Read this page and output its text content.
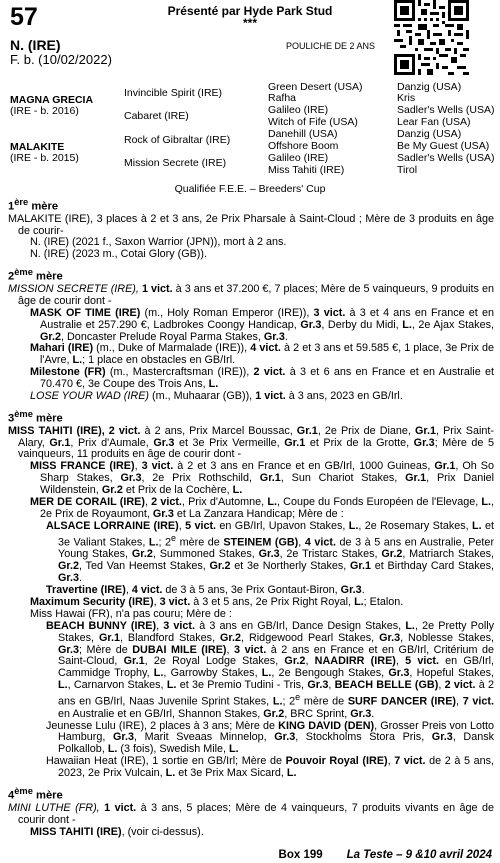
57	Présenté par Hyde Park Stud
***
N. (IRE)
F. b. (10/02/2022)
POULICHE DE 2 ANS
MAGNA GRECIA
(IRE - b. 2016)
MALAKITE
(IRE - b. 2015)
Invincible Spirit (IRE)
Cabaret (IRE)
Rock of Gibraltar (IRE)
Mission Secrete (IRE)
Green Desert (USA)
Rafha
Galileo (IRE)
Witch of Fife (USA)
Danehill (USA)
Offshore Boom
Galileo (IRE)
Miss Tahiti (IRE)
Danzig (USA)
Kris
Sadler's Wells (USA)
Lear Fan (USA)
Danzig (USA)
Be My Guest (USA)
Sadler's Wells (USA)
Tirol
Qualifiée F.E.E. – Breeders' Cup

1ère mère

MALAKITE (IRE), 3 places à 2 et 3 ans, 2e Prix Pharsale à Saint-Cloud ; Mère de 3 produits en âge de courir-

N. (IRE) (2021 f., Saxon Warrior (JPN)), mort à 2 ans.

N. (IRE) (2023 m., Cotai Glory (GB)).

2ème mère

MISSION SECRETE (IRE), 1 vict. à 3 ans et 37.200 €, 7 places; Mère de 5 vainqueurs, 9 produits en âge de courir dont -

MASK OF TIME (IRE) (m., Holy Roman Emperor (IRE)), 3 vict. à 3 et 4 ans en France et en Australie et 257.290 €, Ladbrokes Coongy Handicap, Gr.3, Derby du Midi, L., 2e Ajax Stakes, Gr.2, Doncaster Prelude Royal Parma Stakes, Gr.3.

Mahari (IRE) (m., Duke of Marmalade (IRE)), 4 vict. à 2 et 3 ans et 59.585 €, 1 place, 3e Prix de l'Avre, L.; 1 place en obstacles en GB/Irl.

Milestone (FR) (m., Mastercraftsman (IRE)), 2 vict. à 3 et 6 ans en France et en Australie et 70.470 €, 3e Coupe des Trois Ans, L.

LOSE YOUR WAD (IRE) (m., Muhaarar (GB)), 1 vict. à 3 ans, 2023 en GB/Irl.

3ème mère

MISS TAHITI (IRE), 2 vict. à 2 ans, Prix Marcel Boussac, Gr.1, 2e Prix de Diane, Gr.1, Prix Saint-Alary, Gr.1, Prix d'Aumale, Gr.3 et 3e Prix Vermeille, Gr.1 et Prix de la Grotte, Gr.3; Mère de 5 vainqueurs, 11 produits en âge de courir dont -

MISS FRANCE (IRE), 3 vict. à 2 et 3 ans en France et en GB/Irl, 1000 Guineas, Gr.1, Oh So Sharp Stakes, Gr.3, 2e Prix Rothschild, Gr.1, Sun Chariot Stakes, Gr.1, Prix Daniel Wildenstein, Gr.2 et Prix de la Cochère, L.

MER DE CORAIL (IRE), 2 vict., Prix d'Automne, L., Coupe du Fonds Européen de l'Elevage, L., 2e Prix de Royaumont, Gr.3 et La Zanzara Handicap; Mère de :

ALSACE LORRAINE (IRE), 5 vict. en GB/Irl, Upavon Stakes, L., 2e Rosemary Stakes, L. et 3e Valiant Stakes, L.; 2e mère de STEINEM (GB), 4 vict. de 3 à 5 ans en Australie, Peter Young Stakes, Gr.2, Summoned Stakes, Gr.3, 2e Tristarc Stakes, Gr.2, Matriarch Stakes, Gr.2, Ted Van Heemst Stakes, Gr.2 et 3e Northerly Stakes, Gr.1 et Birthday Card Stakes, Gr.3.

Travertine (IRE), 4 vict. de 3 à 5 ans, 3e Prix Gontaut-Biron, Gr.3.

Maximum Security (IRE), 3 vict. à 3 et 5 ans, 2e Prix Right Royal, L.; Etalon.

Miss Hawai (FR), n'a pas couru; Mère de :

BEACH BUNNY (IRE), 3 vict. à 3 ans en GB/Irl, Dance Design Stakes, L., 2e Pretty Polly Stakes, Gr.1, Blandford Stakes, Gr.2, Ridgewood Pearl Stakes, Gr.3, Noblesse Stakes, Gr.3; Mère de DUBAI MILE (IRE), 3 vict. à 2 ans en France et en GB/Irl, Critérium de Saint-Cloud, Gr.1, 2e Royal Lodge Stakes, Gr.2, NAADIRR (IRE), 5 vict. en GB/Irl, Cammidge Trophy, L., Garrowby Stakes, L., 2e Bengough Stakes, Gr.3, Hopeful Stakes, L., Carnarvon Stakes, L. et 3e Premio Tudini - Tris, Gr.3, BEACH BELLE (GB), 2 vict. à 2 ans en GB/Irl, Naas Juvenile Sprint Stakes, L.; 2e mère de SURF DANCER (IRE), 7 vict. en Australie et en GB/Irl, Shannon Stakes, Gr.2, BRC Sprint, Gr.3.

Jeunesse Lulu (IRE), 2 places à 3 ans; Mère de KING DAVID (DEN), Grosser Preis von Lotto Hamburg, Gr.3, Marit Sveaas Minnelop, Gr.3, Stockholms Stora Pris, Gr.3, Dansk Polkallob, L. (3 fois), Swedish Mile, L.

Hawaiian Heat (IRE), 1 sortie en GB/Irl; Mère de Pouvoir Royal (IRE), 7 vict. de 2 à 5 ans, 2023, 2e Prix Vulcain, L. et 3e Prix Max Sicard, L.

4ème mère

MINI LUTHE (FR), 1 vict. à 3 ans, 5 places; Mère de 4 vainqueurs, 7 produits vivants en âge de courir dont -

MISS TAHITI (IRE), (voir ci-dessus).

Box 199 La Teste – 9 &10 avril 2024
